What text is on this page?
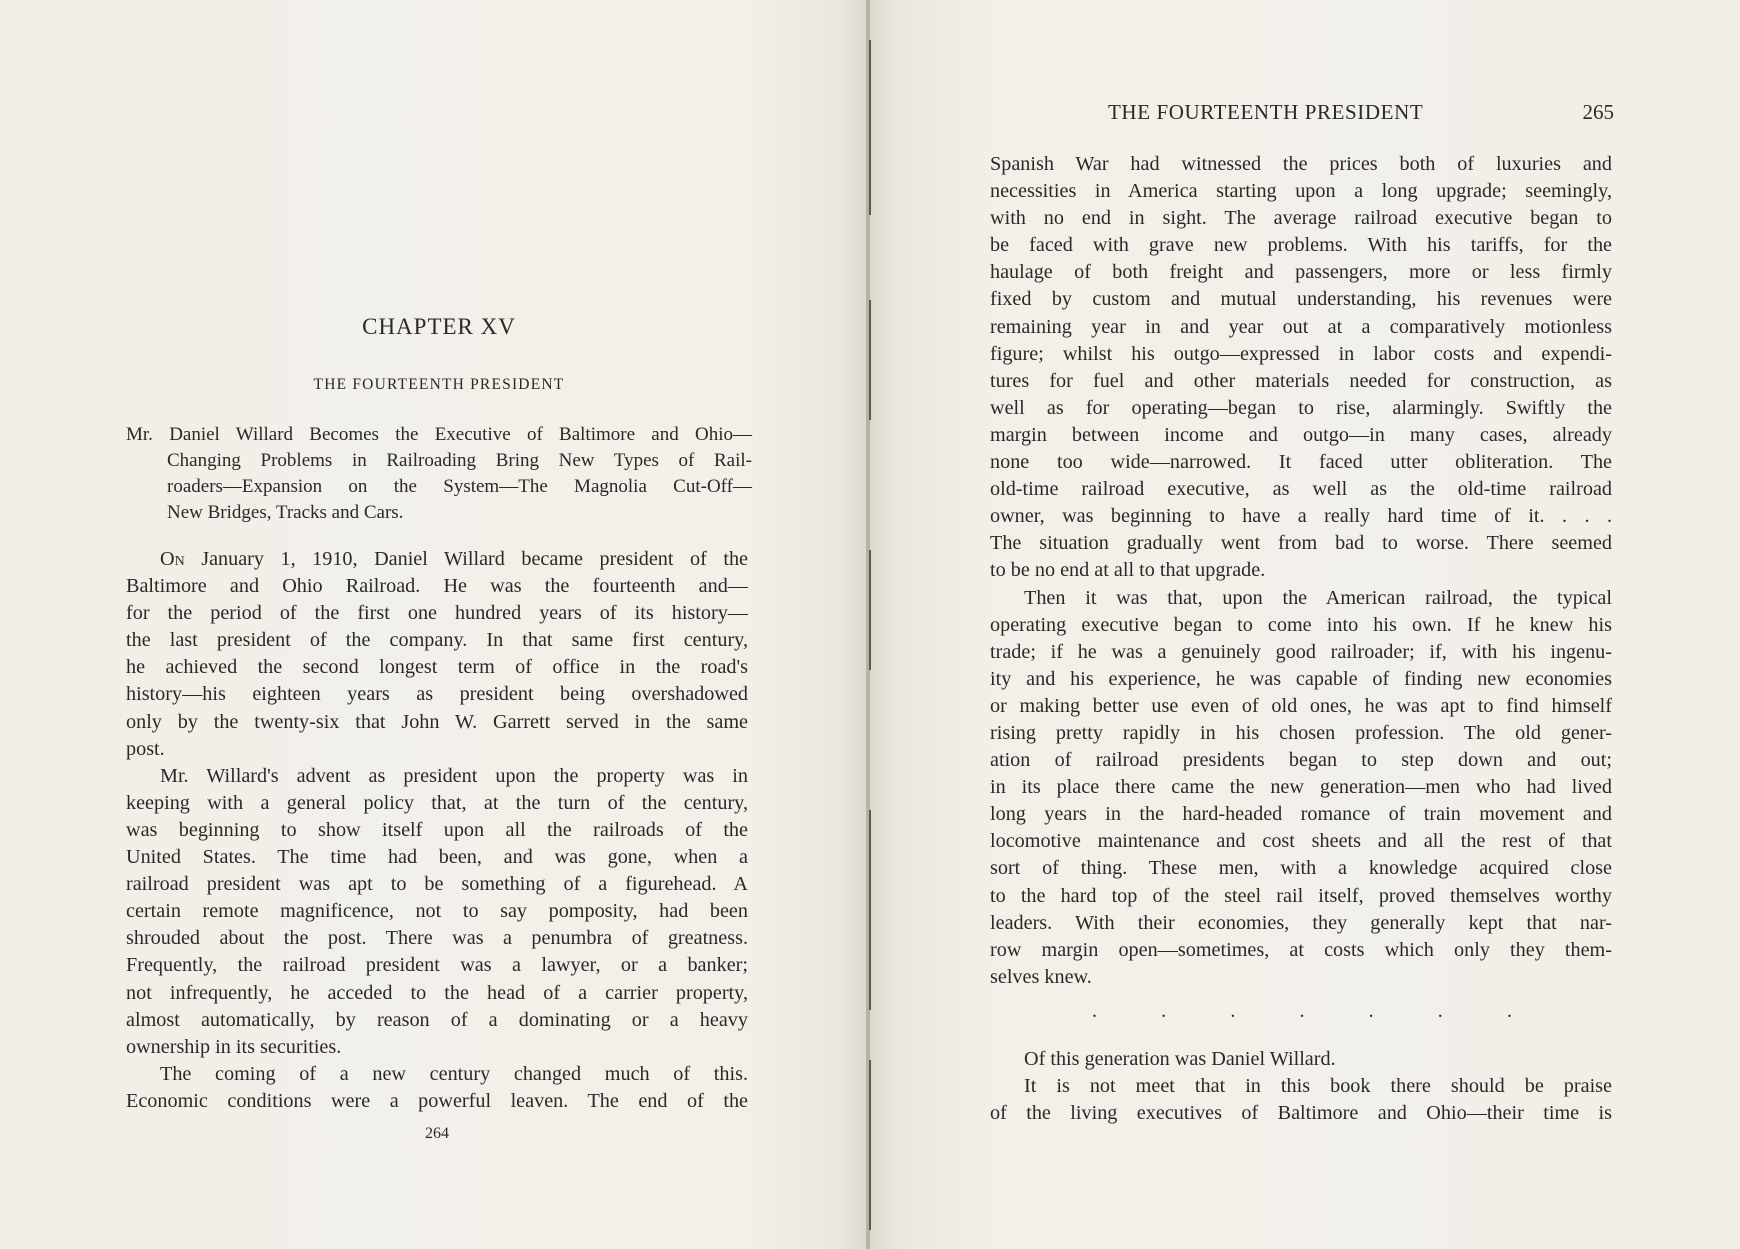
CHAPTER XV
THE FOURTEENTH PRESIDENT
Mr. Daniel Willard Becomes the Executive of Baltimore and Ohio—
Changing Problems in Railroading Bring New Types of Rail-
roaders—Expansion on the System—The Magnolia Cut-Off—
New Bridges, Tracks and Cars.
On January 1, 1910, Daniel Willard became president of the
Baltimore and Ohio Railroad. He was the fourteenth and—
for the period of the first one hundred years of its history—
the last president of the company. In that same first century,
he achieved the second longest term of office in the road's
history—his eighteen years as president being overshadowed
only by the twenty-six that John W. Garrett served in the same
post.
Mr. Willard's advent as president upon the property was in
keeping with a general policy that, at the turn of the century,
was beginning to show itself upon all the railroads of the
United States. The time had been, and was gone, when a
railroad president was apt to be something of a figurehead. A
certain remote magnificence, not to say pomposity, had been
shrouded about the post. There was a penumbra of greatness.
Frequently, the railroad president was a lawyer, or a banker;
not infrequently, he acceded to the head of a carrier property,
almost automatically, by reason of a dominating or a heavy
ownership in its securities.
The coming of a new century changed much of this.
Economic conditions were a powerful leaven. The end of the
264
THE FOURTEENTH PRESIDENT	265
Spanish War had witnessed the prices both of luxuries and
necessities in America starting upon a long upgrade; seemingly,
with no end in sight. The average railroad executive began to
be faced with grave new problems. With his tariffs, for the
haulage of both freight and passengers, more or less firmly
fixed by custom and mutual understanding, his revenues were
remaining year in and year out at a comparatively motionless
figure; whilst his outgo—expressed in labor costs and expendi-
tures for fuel and other materials needed for construction, as
well as for operating—began to rise, alarmingly. Swiftly the
margin between income and outgo—in many cases, already
none too wide—narrowed. It faced utter obliteration. The
old-time railroad executive, as well as the old-time railroad
owner, was beginning to have a really hard time of it. . . .
The situation gradually went from bad to worse. There seemed
to be no end at all to that upgrade.
Then it was that, upon the American railroad, the typical
operating executive began to come into his own. If he knew his
trade; if he was a genuinely good railroader; if, with his ingenu-
ity and his experience, he was capable of finding new economies
or making better use even of old ones, he was apt to find himself
rising pretty rapidly in his chosen profession. The old gener-
ation of railroad presidents began to step down and out;
in its place there came the new generation—men who had lived
long years in the hard-headed romance of train movement and
locomotive maintenance and cost sheets and all the rest of that
sort of thing. These men, with a knowledge acquired close
to the hard top of the steel rail itself, proved themselves worthy
leaders. With their economies, they generally kept that nar-
row margin open—sometimes, at costs which only they them-
selves knew.
.	.	.	.	.	.	.
Of this generation was Daniel Willard.
It is not meet that in this book there should be praise
of the living executives of Baltimore and Ohio—their time is
